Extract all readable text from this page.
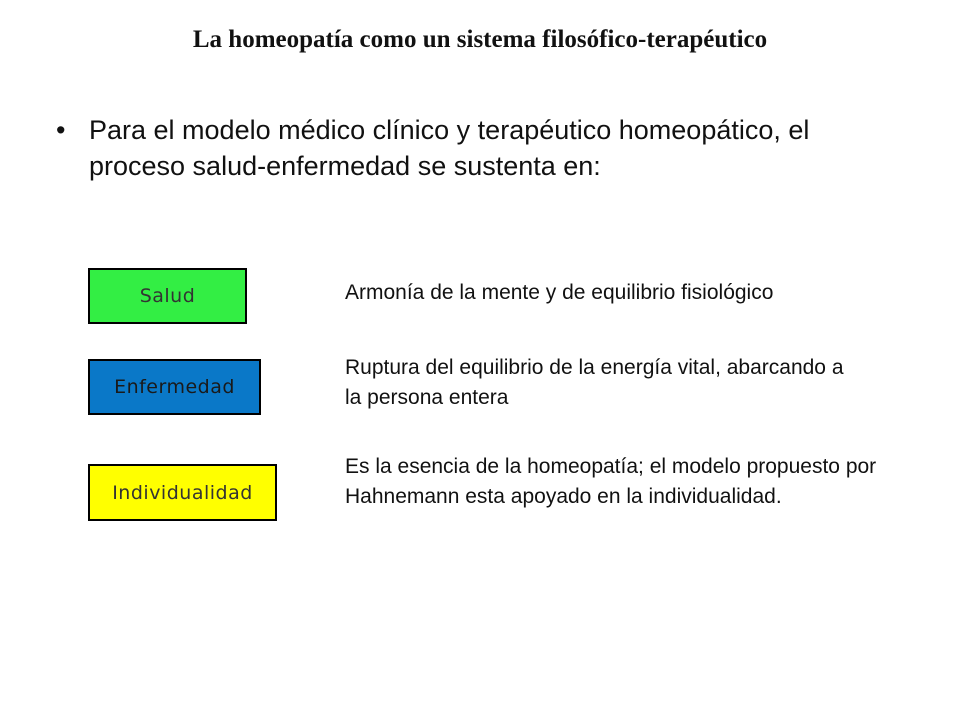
La homeopatía como un sistema filosófico-terapéutico
• Para el modelo médico clínico y terapéutico homeopático, el proceso salud-enfermedad se sustenta en:
Salud	Armonía de la mente y de equilibrio fisiológico
Enfermedad
Ruptura del equilibrio de la energía vital, abarcando a la persona entera
Individualidad
Es la esencia de la homeopatía; el modelo propuesto por Hahnemann esta apoyado en la individualidad.
